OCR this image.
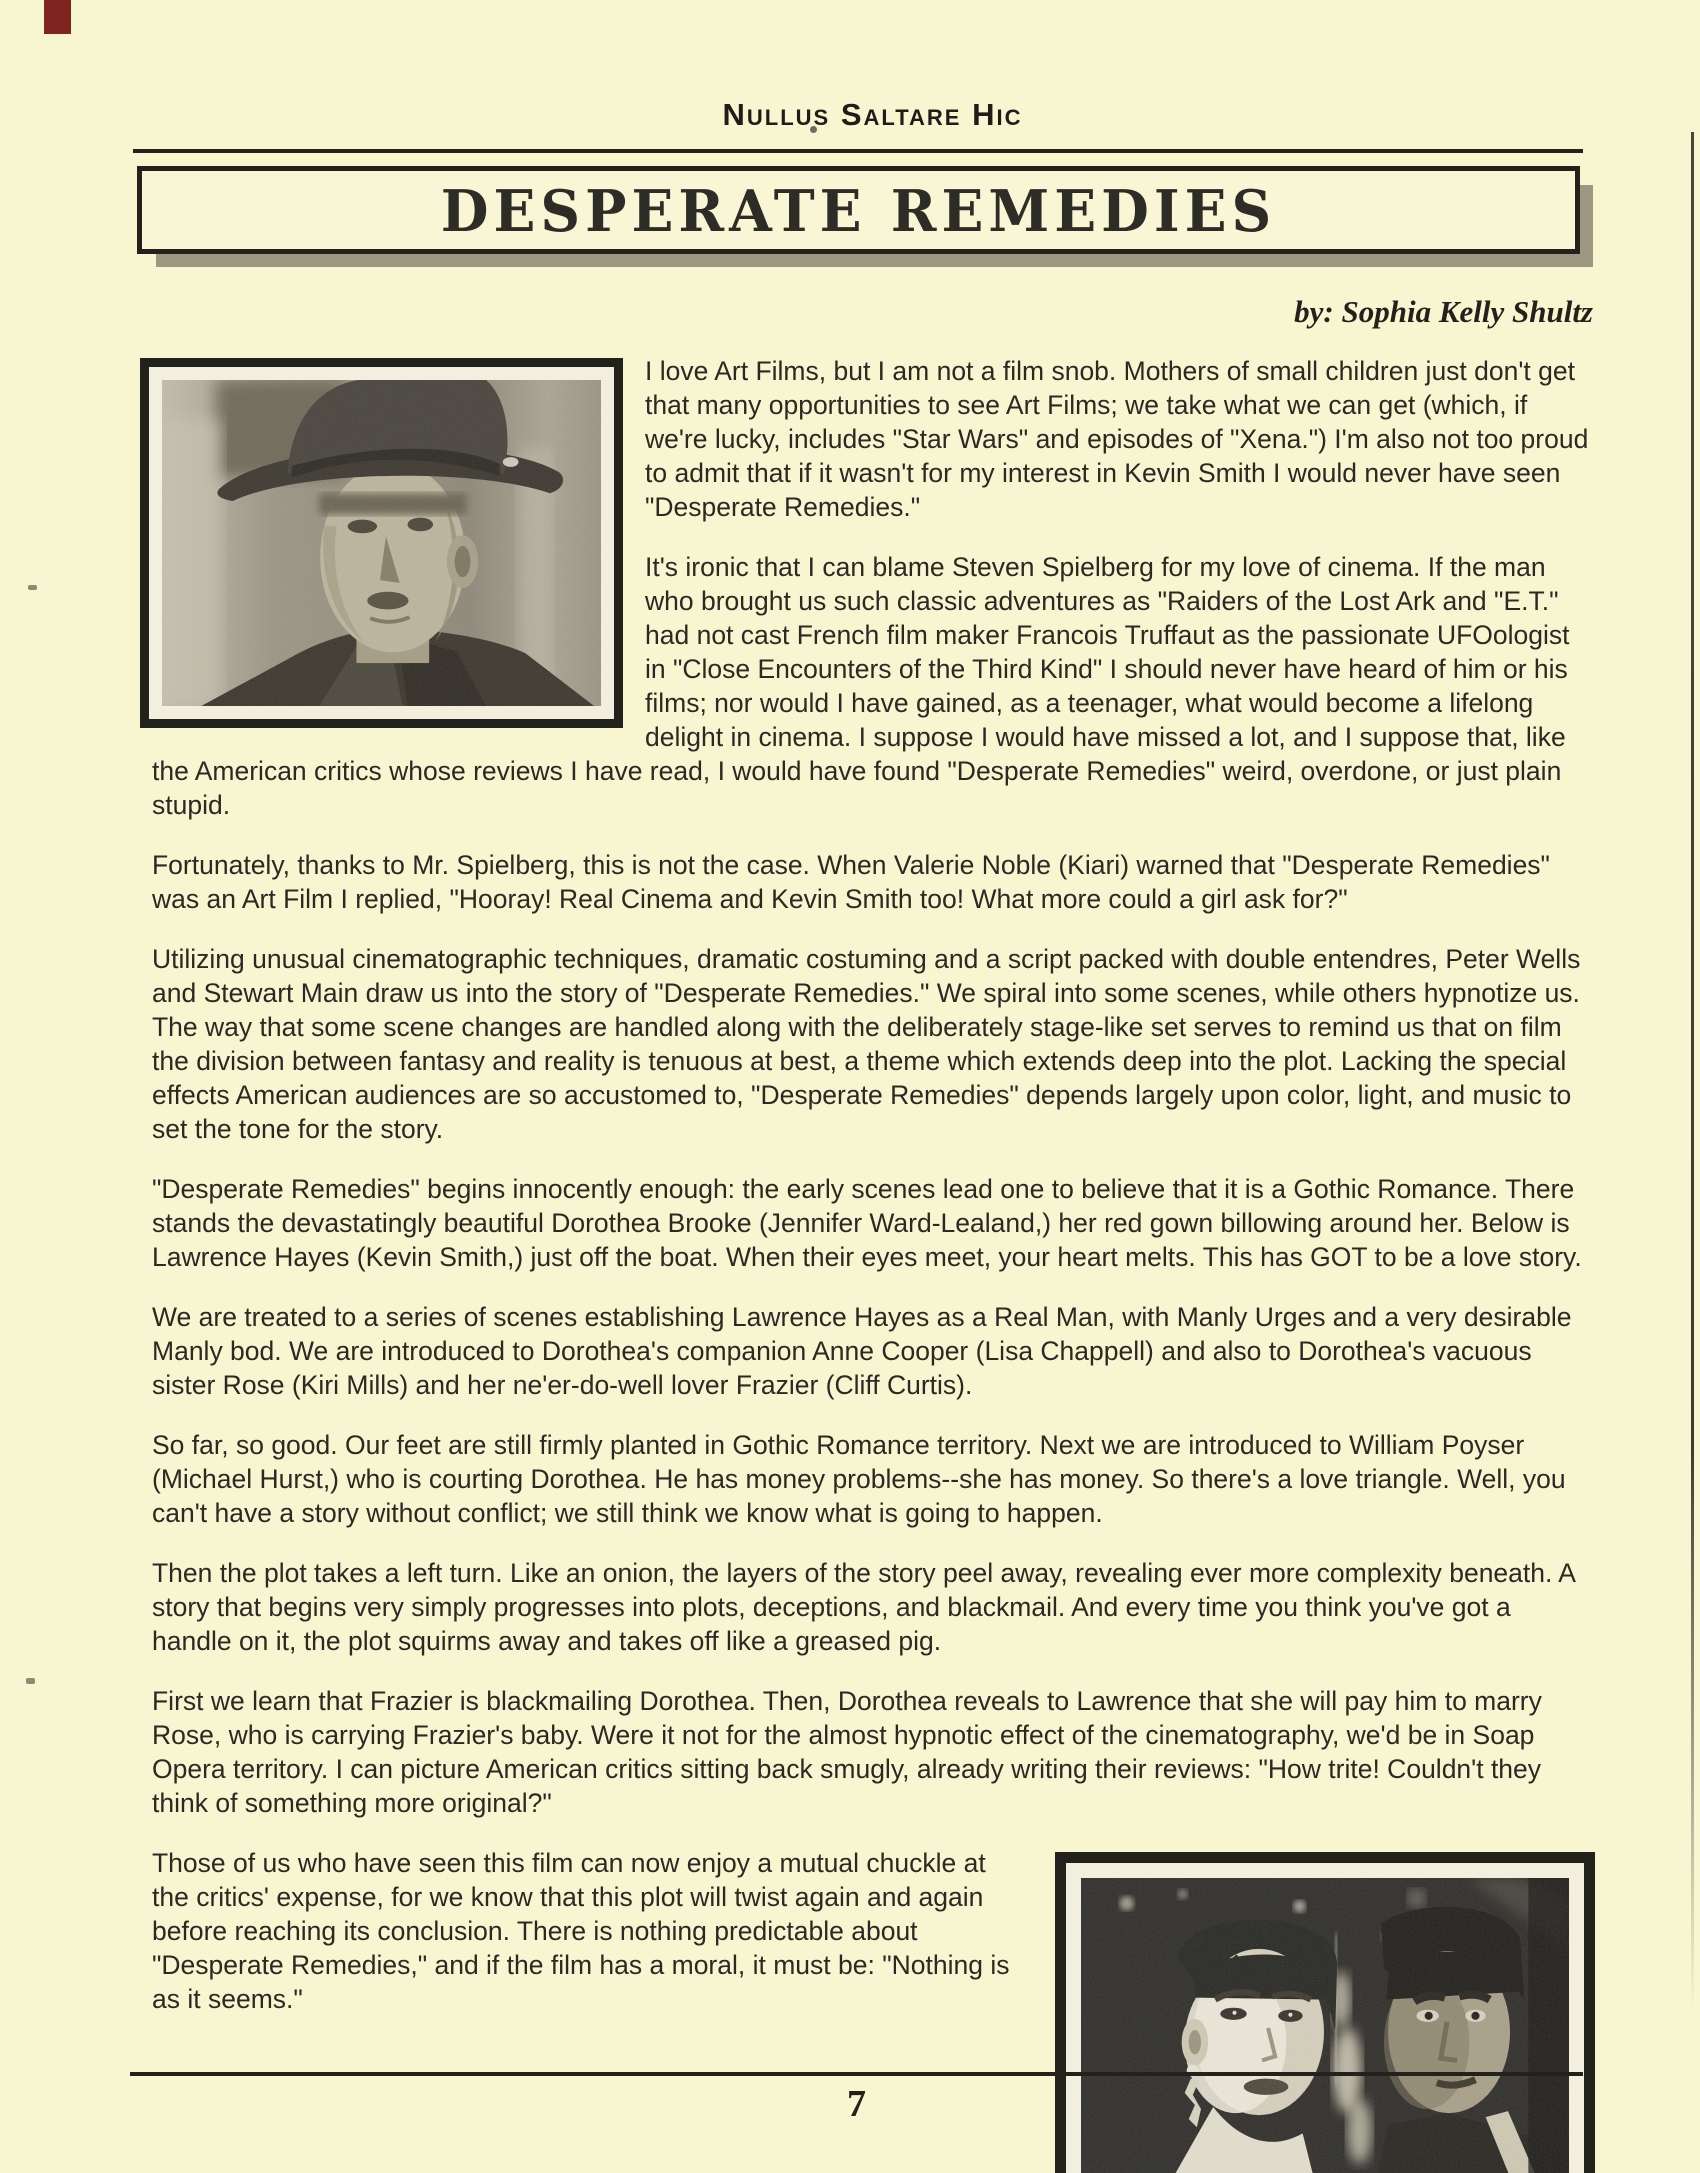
Nullus Saltare Hic
DESPERATE REMEDIES
by: Sophia Kelly Shultz

I love Art Films, but I am not a film snob. Mothers of small children just don't get that many opportunities to see Art Films; we take what we can get (which, if we're lucky, includes "Star Wars" and episodes of "Xena.") I'm also not too proud to admit that if it wasn't for my interest in Kevin Smith I would never have seen "Desperate Remedies."

It's ironic that I can blame Steven Spielberg for my love of cinema. If the man who brought us such classic adventures as "Raiders of the Lost Ark and "E.T." had not cast French film maker Francois Truffaut as the passionate UFOologist in "Close Encounters of the Third Kind" I should never have heard of him or his films; nor would I have gained, as a teenager, what would become a lifelong delight in cinema. I suppose I would have missed a lot, and I suppose that, like the American critics whose reviews I have read, I would have found "Desperate Remedies" weird, overdone, or just plain stupid.

Fortunately, thanks to Mr. Spielberg, this is not the case. When Valerie Noble (Kiari) warned that "Desperate Remedies" was an Art Film I replied, "Hooray! Real Cinema and Kevin Smith too! What more could a girl ask for?"

Utilizing unusual cinematographic techniques, dramatic costuming and a script packed with double entendres, Peter Wells and Stewart Main draw us into the story of "Desperate Remedies." We spiral into some scenes, while others hypnotize us. The way that some scene changes are handled along with the deliberately stage-like set serves to remind us that on film the division between fantasy and reality is tenuous at best, a theme which extends deep into the plot. Lacking the special effects American audiences are so accustomed to, "Desperate Remedies" depends largely upon color, light, and music to set the tone for the story.

"Desperate Remedies" begins innocently enough: the early scenes lead one to believe that it is a Gothic Romance. There stands the devastatingly beautiful Dorothea Brooke (Jennifer Ward-Lealand,) her red gown billowing around her. Below is Lawrence Hayes (Kevin Smith,) just off the boat. When their eyes meet, your heart melts. This has GOT to be a love story.

We are treated to a series of scenes establishing Lawrence Hayes as a Real Man, with Manly Urges and a very desirable Manly bod. We are introduced to Dorothea's companion Anne Cooper (Lisa Chappell) and also to Dorothea's vacuous sister Rose (Kiri Mills) and her ne'er-do-well lover Frazier (Cliff Curtis).

So far, so good. Our feet are still firmly planted in Gothic Romance territory. Next we are introduced to William Poyser (Michael Hurst,) who is courting Dorothea. He has money problems--she has money. So there's a love triangle. Well, you can't have a story without conflict; we still think we know what is going to happen.

Then the plot takes a left turn. Like an onion, the layers of the story peel away, revealing ever more complexity beneath. A story that begins very simply progresses into plots, deceptions, and blackmail. And every time you think you've got a handle on it, the plot squirms away and takes off like a greased pig.

First we learn that Frazier is blackmailing Dorothea. Then, Dorothea reveals to Lawrence that she will pay him to marry Rose, who is carrying Frazier's baby. Were it not for the almost hypnotic effect of the cinematography, we'd be in Soap Opera territory. I can picture American critics sitting back smugly, already writing their reviews: "How trite! Couldn't they think of something more original?"

Those of us who have seen this film can now enjoy a mutual chuckle at the critics' expense, for we know that this plot will twist again and again before reaching its conclusion. There is nothing predictable about "Desperate Remedies," and if the film has a moral, it must be: "Nothing is as it seems."

7
